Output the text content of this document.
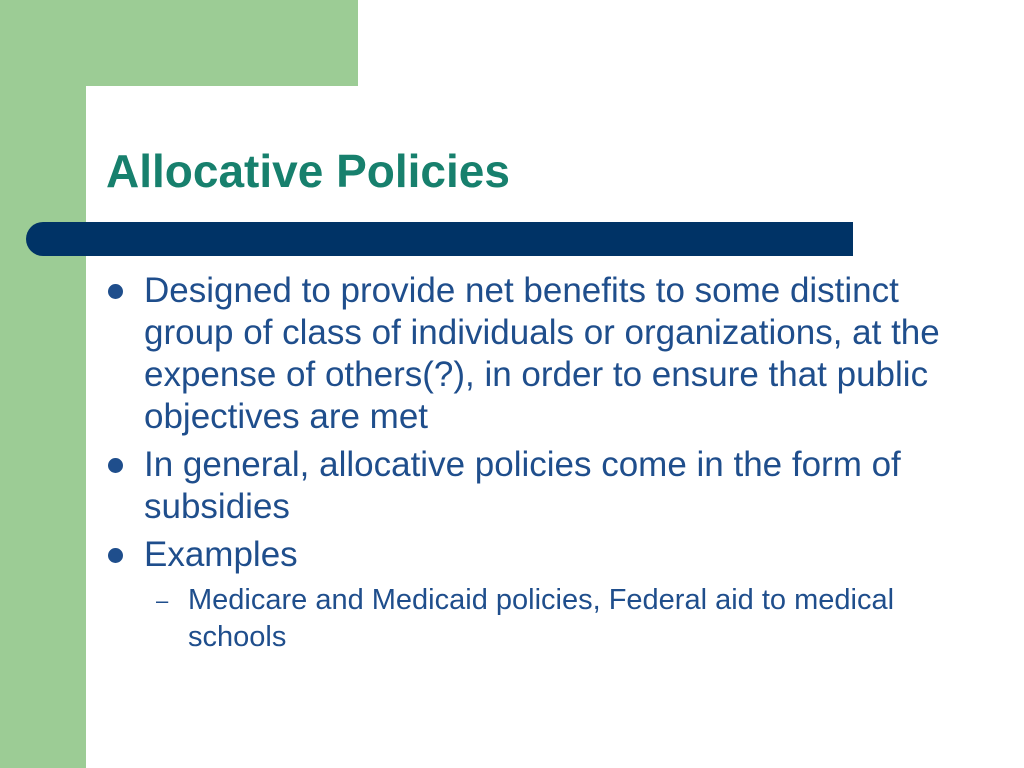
Allocative Policies
Designed to provide net benefits to some distinct group of class of individuals or organizations, at the expense of others(?), in order to ensure that public objectives are met
In general, allocative policies come in the form of subsidies
Examples
– Medicare and Medicaid policies, Federal aid to medical schools
